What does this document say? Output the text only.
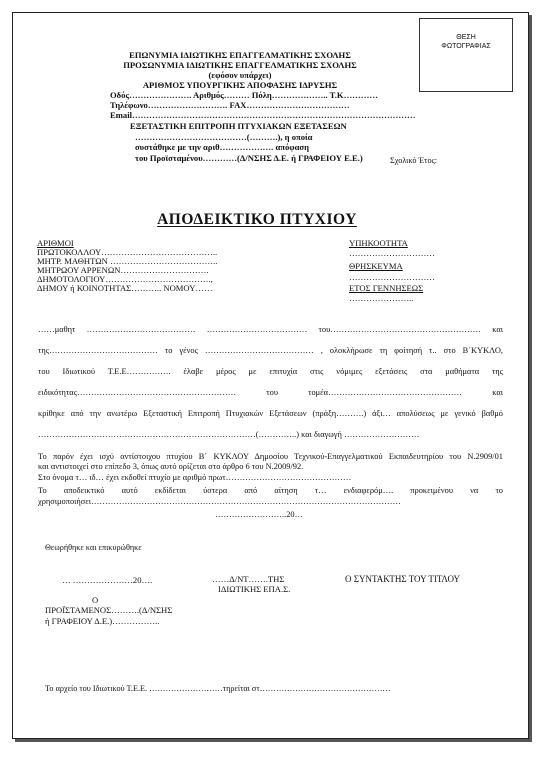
ΘΕΣΗ
ΦΩΤΟΓΡΑΦΙΑΣ
ΕΠΩΝΥΜΙΑ ΙΔΙΩΤΙΚΗΣ ΕΠΑΓΓΕΛΜΑΤΙΚΗΣ ΣΧΟΛΗΣ
ΠΡΟΣΩΝΥΜΙΑ ΙΔΙΩΤΙΚΗΣ ΕΠΑΓΓΕΛΜΑΤΙΚΗΣ ΣΧΟΛΗΣ
(εφόσον υπάρχει)
ΑΡΙΘΜΟΣ ΥΠΟΥΡΓΙΚΗΣ ΑΠΟΦΑΣΗΣ ΙΔΡΥΣΗΣ
Οδός…………………. Αριθμός……… Πόλη……………….. Τ.Κ…………
Τηλέφωνο………………………. FAX………………………………
Email………………………………………………………………………………………
ΕΞΕΤΑΣΤΙΚΗ ΕΠΙΤΡΟΠΗ ΠΤΥΧΙΑΚΩΝ ΕΞΕΤΑΣΕΩΝ
…………………………………(……….), η οποία
συστάθηκε με την αριθ………………. απόφαση
του Προϊσταμένου…………(Δ/ΝΣΗΣ Δ.Ε. ή ΓΡΑΦΕΙΟΥ Ε.Ε.)	Σχολικό Έτος:
ΑΠΟΔΕΙΚΤΙΚΟ ΠΤΥΧΙΟΥ
ΑΡΙΘΜΟΙ
ΠΡΩΤΟΚΟΛΛΟΥ…………………………………..
ΜΗΤΡ. ΜΑΘΗΤΩΝ ………………………………..
ΜΗΤΡΩΟΥ ΑΡΡΕΝΩΝ………………………….
ΔΗΜΟΤΟΛΟΓΙΟΥ……………………………….,
ΔΗΜΟΥ ή ΚΟΙΝΟΤΗΤΑΣ……….. ΝΟΜΟΥ……
ΥΠΗΚΟΟΤΗΤΑ
…………………………
ΘΡΗΣΚΕΥΜΑ
…………………………
ΕΤΟΣ ΓΕΝΝΗΣΕΩΣ
…………………..
……μαθητ ………………………………… ……………………………… του……………………………………………… και
της………………………………… το γένος ………………………………… , ολοκλήρωσε τη φοίτησή τ.. στο Β΄ΚΥΚΛΟ,
του Ιδιωτικού Τ.Ε.Ε……………. έλαβε μέρος με επιτυχία στις νόμιμες εξετάσεις στα μαθήματα της
ειδικότητας………………………………………………… του τομέα………………………………………… και
κρίθηκε από την ανωτέρω Εξεταστική Επιτροπή Πτυχιακών Εξετάσεων (πράξη……….) άξι… απολύσεως με γενικό βαθμό
……………………………………………………………………(…………..) και διαγωγή ………………………
Το παρόν έχει ισχύ αντίστοιχου πτυχίου Β΄ ΚΥΚΛΟΥ Δημοσίου Τεχνικού-Επαγγελματικού Εκπαιδευτηρίου του Ν.2909/01
και αντιστοιχεί στο επίπεδο 3, όπως αυτό ορίζεται στο άρθρο 6 του Ν.2009/92.
Στο όνομα τ… ιδ… έχει εκδοθεί πτυχίο με αριθμό πρωτ………………………………………
Το αποδεικτικό αυτό εκδίδεται ύστερα από αίτηση τ… ενδιαφερόμ…. προκειμένου να το
χρησιμοποιήσει…………………………………………………………………………………………………
……………………..20…
Θεωρήθηκε και επικυρώθηκε
… …………………20….	……Δ/ΝΤ…….ΤΗΣ
ΙΔΙΩΤΙΚΗΣ ΕΠΑ.Σ.
Ο ΣΥΝΤΑΚΤΗΣ ΤΟΥ ΤΙΤΛΟΥ
Ο
ΠΡΟΪΣΤΑΜΕΝΟΣ……….(Δ/ΝΣΗΣ
ή ΓΡΑΦΕΙΟΥ Δ.Ε.)……………..
Το αρχείο του Ιδιωτικού Τ.Ε.Ε. ………………………τηρείται στ…………………………………………
